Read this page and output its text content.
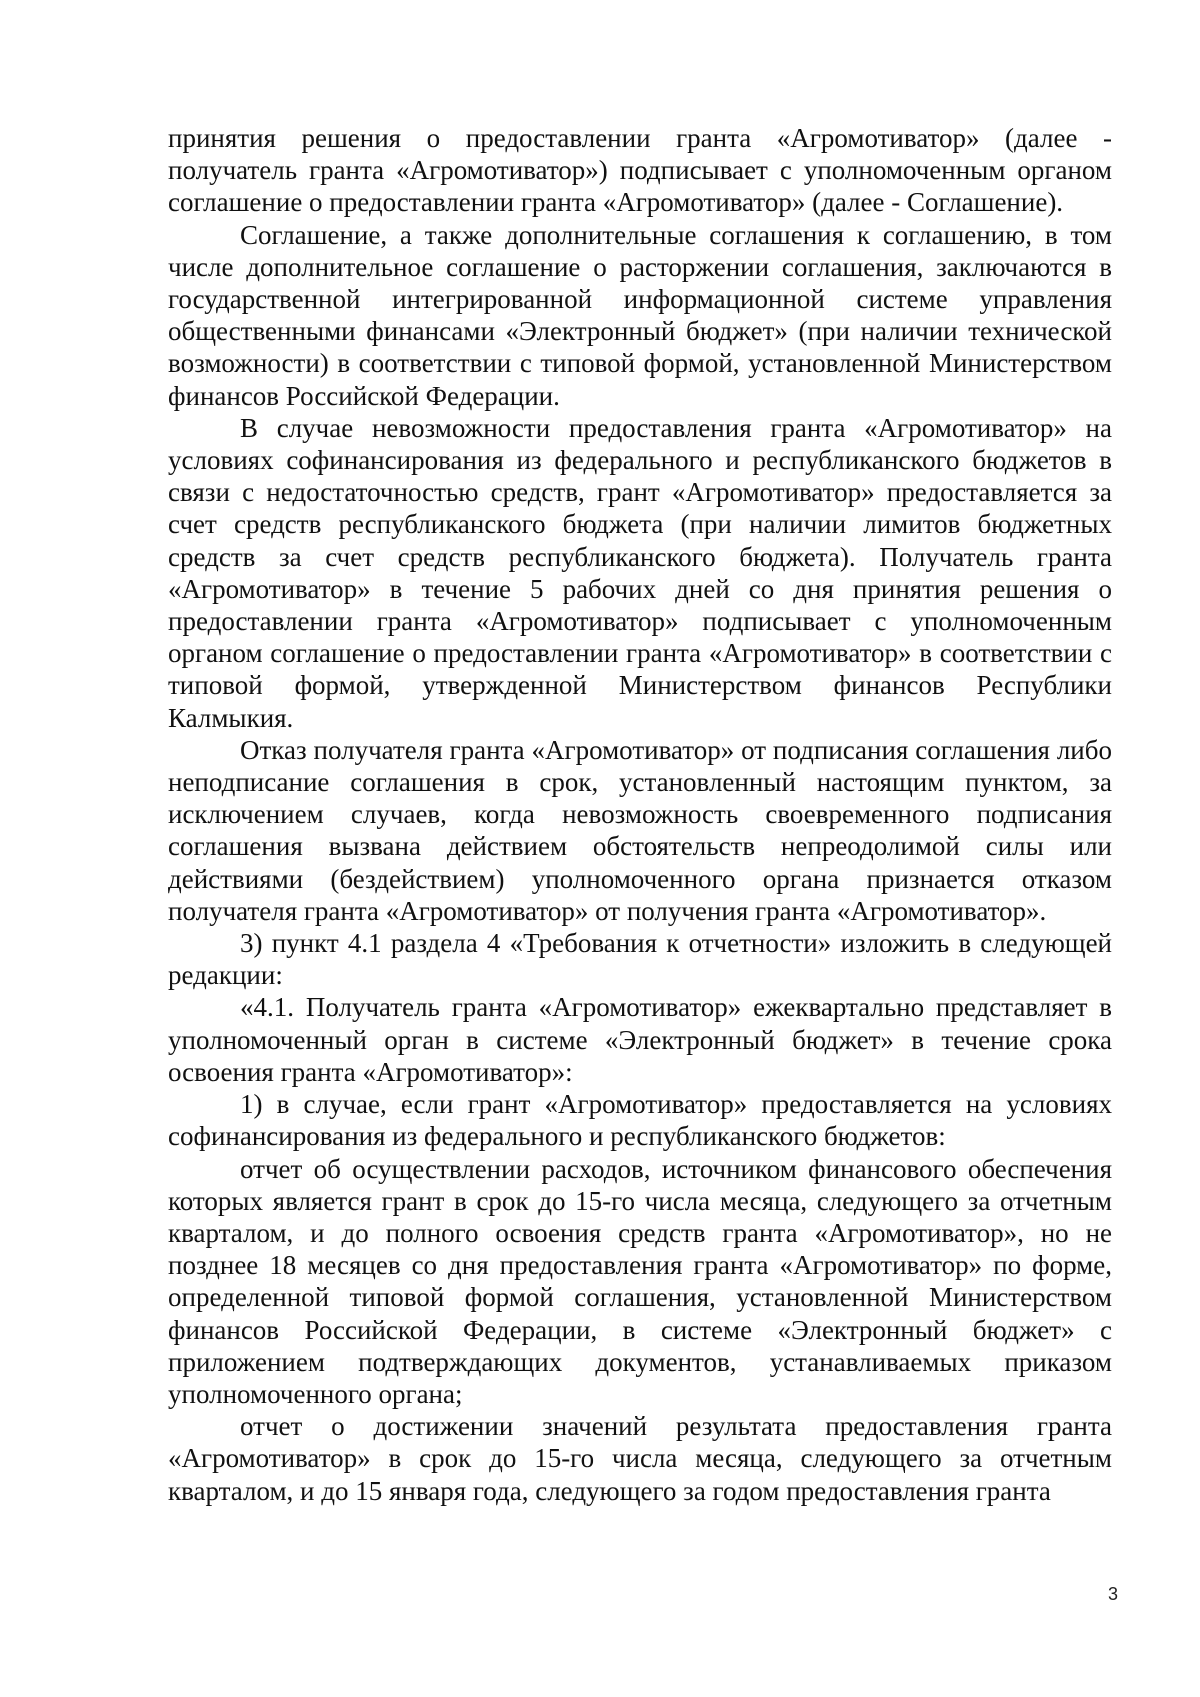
принятия решения о предоставлении гранта «Агромотиватор» (далее - получатель гранта «Агромотиватор») подписывает с уполномоченным органом соглашение о предоставлении гранта «Агромотиватор» (далее - Соглашение).

Соглашение, а также дополнительные соглашения к соглашению, в том числе дополнительное соглашение о расторжении соглашения, заключаются в государственной интегрированной информационной системе управления общественными финансами «Электронный бюджет» (при наличии технической возможности) в соответствии с типовой формой, установленной Министерством финансов Российской Федерации.

В случае невозможности предоставления гранта «Агромотиватор» на условиях софинансирования из федерального и республиканского бюджетов в связи с недостаточностью средств, грант «Агромотиватор» предоставляется за счет средств республиканского бюджета (при наличии лимитов бюджетных средств за счет средств республиканского бюджета). Получатель гранта «Агромотиватор» в течение 5 рабочих дней со дня принятия решения о предоставлении гранта «Агромотиватор» подписывает с уполномоченным органом соглашение о предоставлении гранта «Агромотиватор» в соответствии с типовой формой, утвержденной Министерством финансов Республики Калмыкия.

Отказ получателя гранта «Агромотиватор» от подписания соглашения либо неподписание соглашения в срок, установленный настоящим пунктом, за исключением случаев, когда невозможность своевременного подписания соглашения вызвана действием обстоятельств непреодолимой силы или действиями (бездействием) уполномоченного органа признается отказом получателя гранта «Агромотиватор» от получения гранта «Агромотиватор».

3) пункт 4.1 раздела 4 «Требования к отчетности» изложить в следующей редакции:

«4.1. Получатель гранта «Агромотиватор» ежеквартально представляет в уполномоченный орган в системе «Электронный бюджет» в течение срока освоения гранта «Агромотиватор»:

1) в случае, если грант «Агромотиватор» предоставляется на условиях софинансирования из федерального и республиканского бюджетов:

отчет об осуществлении расходов, источником финансового обеспечения которых является грант в срок до 15-го числа месяца, следующего за отчетным кварталом, и до полного освоения средств гранта «Агромотиватор», но не позднее 18 месяцев со дня предоставления гранта «Агромотиватор» по форме, определенной типовой формой соглашения, установленной Министерством финансов Российской Федерации, в системе «Электронный бюджет» с приложением подтверждающих документов, устанавливаемых приказом уполномоченного органа;

отчет о достижении значений результата предоставления гранта «Агромотиватор» в срок до 15-го числа месяца, следующего за отчетным кварталом, и до 15 января года, следующего за годом предоставления гранта

3
